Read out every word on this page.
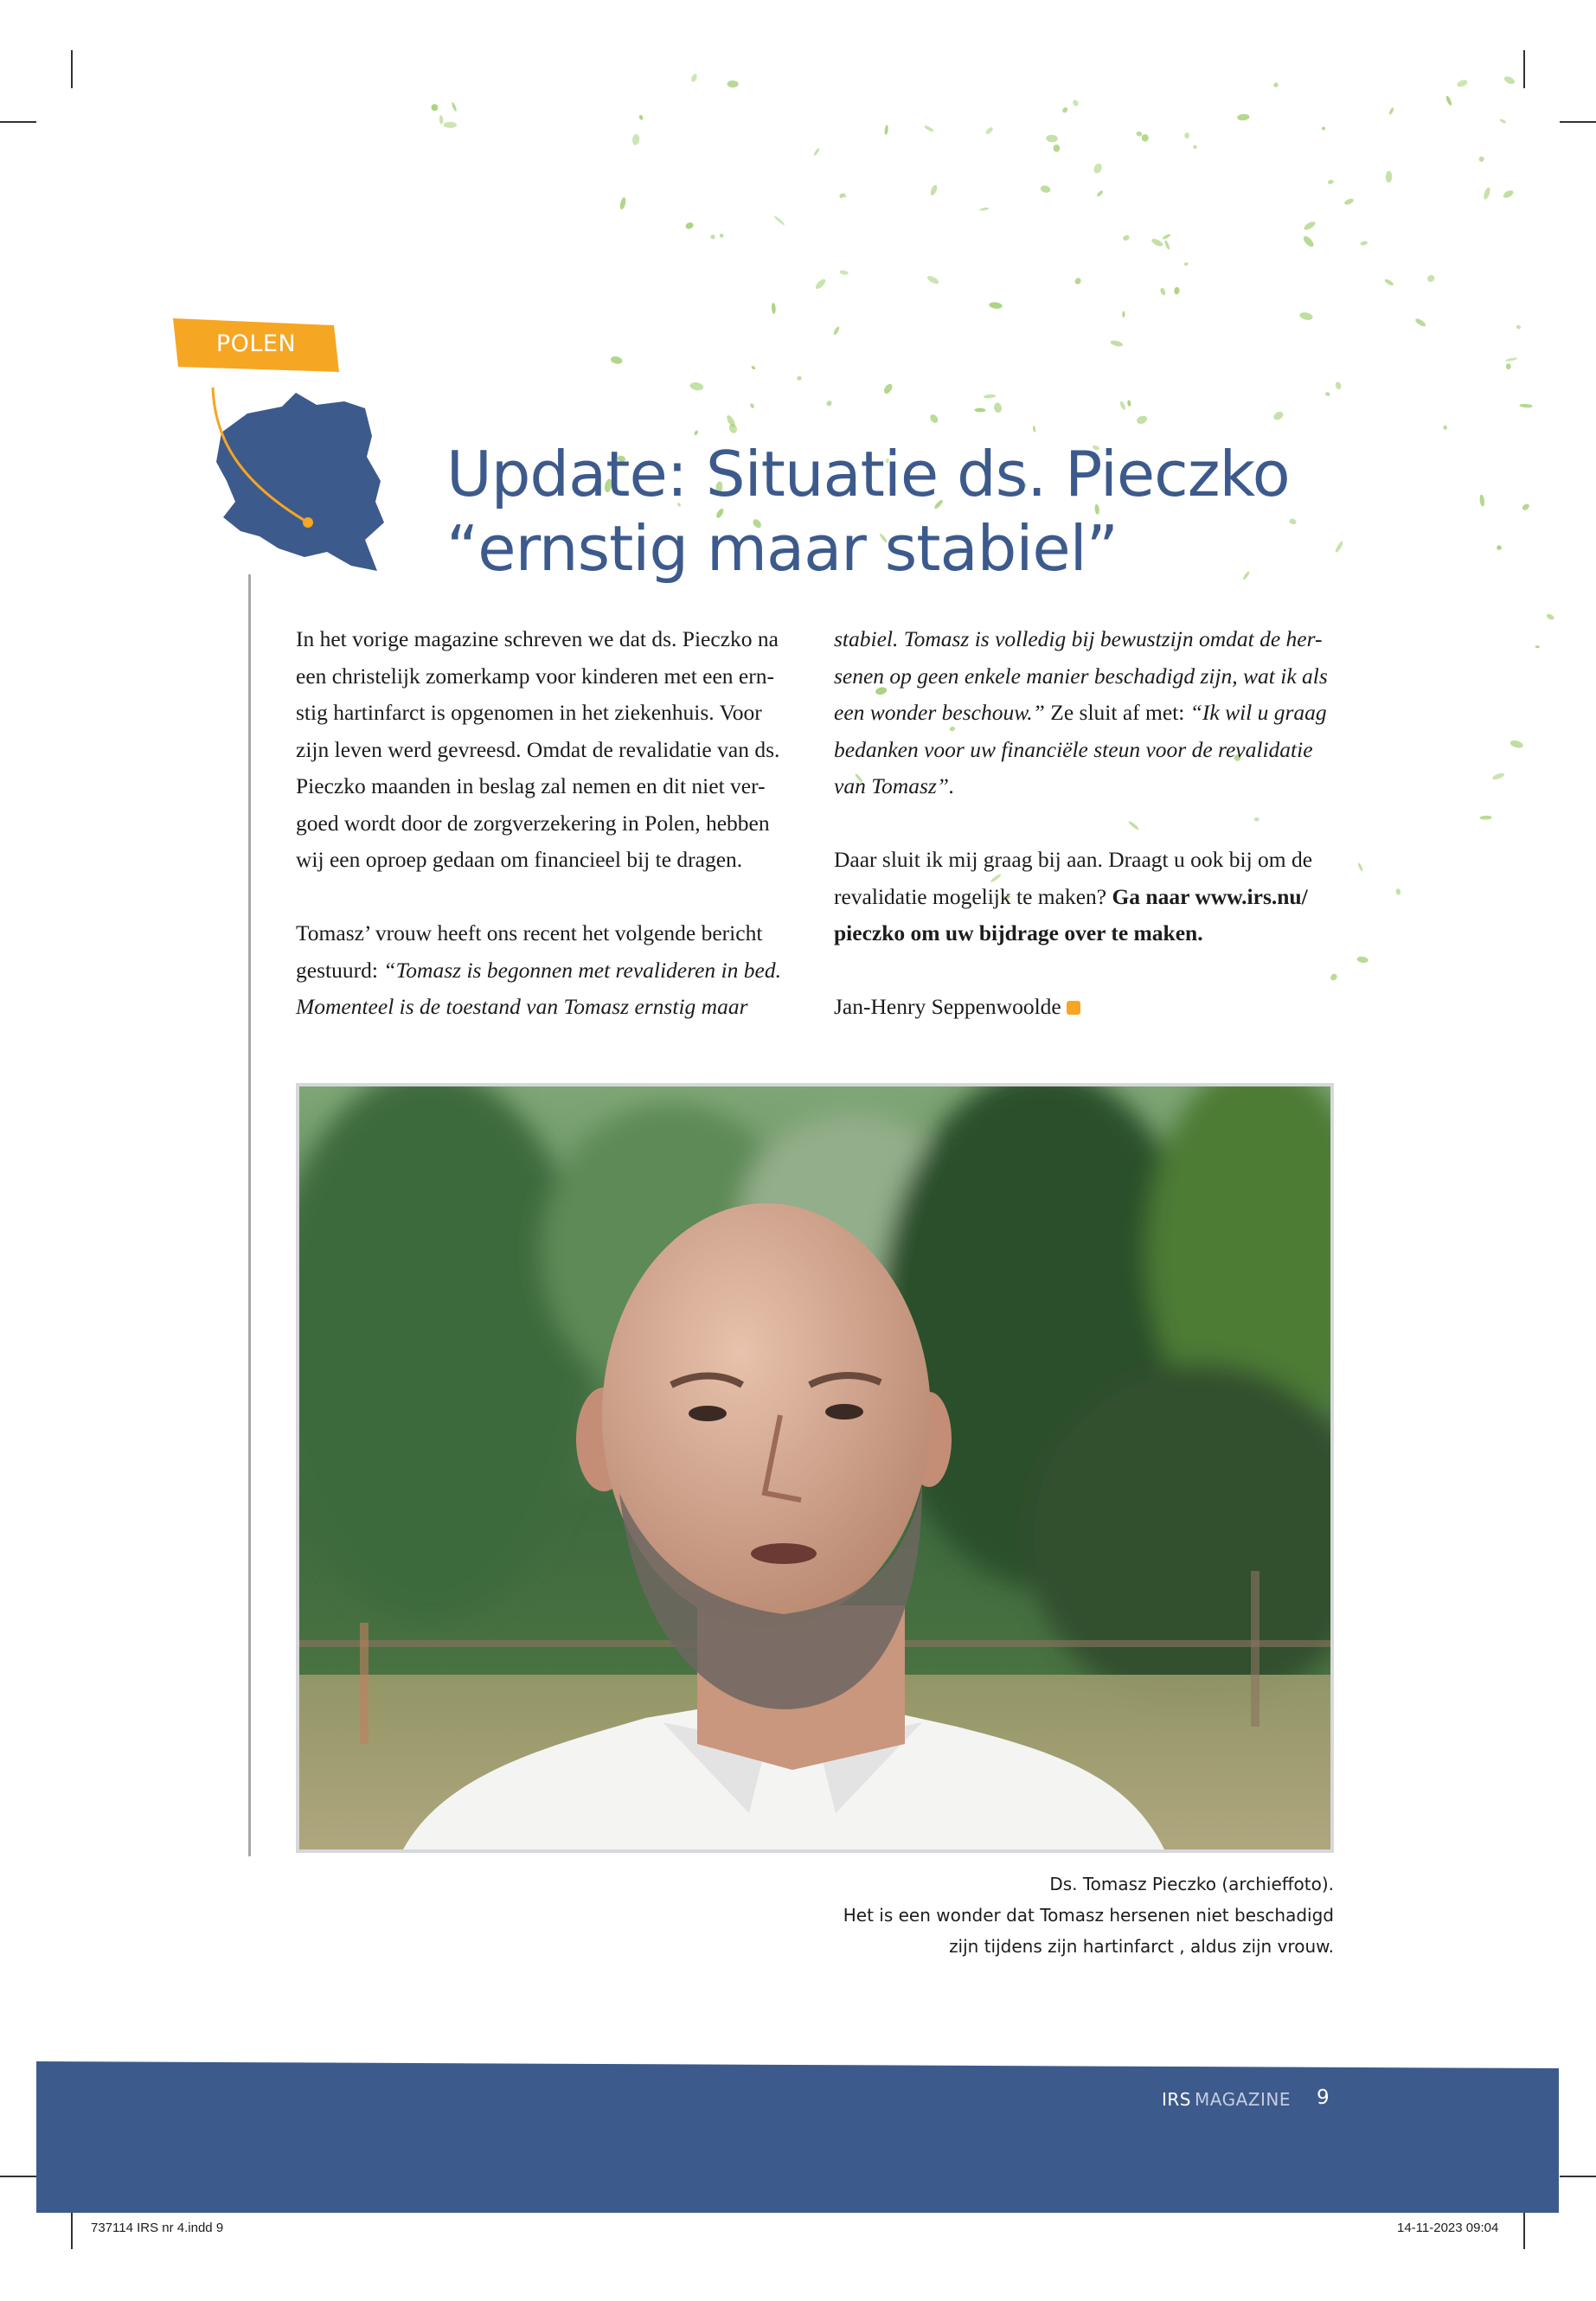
POLEN
Update: Situatie ds. Pieczko
“ernstig maar stabiel”

In het vorige magazine schreven we dat ds. Pieczko na een christelijk zomerkamp voor kinderen met een ern-stig hartinfarct is opgenomen in het ziekenhuis. Voor zijn leven werd gevreesd. Omdat de revalidatie van ds. Pieczko maanden in beslag zal nemen en dit niet ver-goed wordt door de zorgverzekering in Polen, hebben wij een oproep gedaan om financieel bij te dragen.

Tomasz’ vrouw heeft ons recent het volgende bericht gestuurd: “Tomasz is begonnen met revalideren in bed. Momenteel is de toestand van Tomasz ernstig maar

stabiel. Tomasz is volledig bij bewustzijn omdat de her-senen op geen enkele manier beschadigd zijn, wat ik als een wonder beschouw.” Ze sluit af met: “Ik wil u graag bedanken voor uw financiële steun voor de revalidatie van Tomasz”.

Daar sluit ik mij graag bij aan. Draagt u ook bij om de revalidatie mogelijk te maken? Ga naar www.irs.nu/ pieczko om uw bijdrage over te maken.

Jan-Henry Seppenwoolde

Ds. Tomasz Pieczko (archieffoto).
Het is een wonder dat Tomasz hersenen niet beschadigd
zijn tijdens zijn hartinfarct , aldus zijn vrouw.
IRS MAGAZINE 9
737114 IRS nr 4.indd 9	14-11-2023 09:04
